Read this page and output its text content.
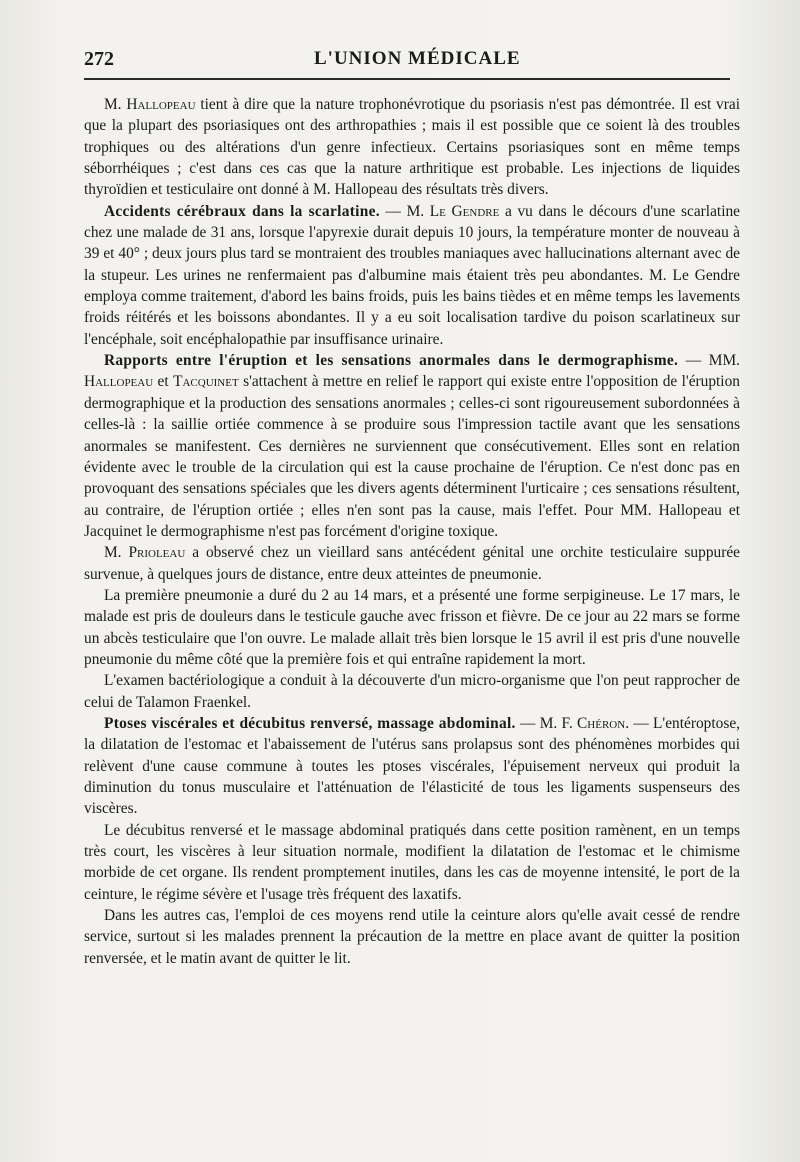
272	L'UNION MÉDICALE

M. Hallopeau tient à dire que la nature trophonévrotique du psoriasis n'est pas démontrée. Il est vrai que la plupart des psoriasiques ont des arthropathies ; mais il est possible que ce soient là des troubles trophiques ou des altérations d'un genre infectieux. Certains psoriasiques sont en même temps séborrhéiques ; c'est dans ces cas que la nature arthritique est probable. Les injections de liquides thyroïdien et testiculaire ont donné à M. Hallopeau des résultats très divers.

Accidents cérébraux dans la scarlatine. — M. Le Gendre a vu dans le décours d'une scarlatine chez une malade de 31 ans, lorsque l'apyrexie durait depuis 10 jours, la température monter de nouveau à 39 et 40° ; deux jours plus tard se montraient des troubles maniaques avec hallucinations alternant avec de la stupeur. Les urines ne renfermaient pas d'albumine mais étaient très peu abondantes. M. Le Gendre employa comme traitement, d'abord les bains froids, puis les bains tièdes et en même temps les lavements froids réitérés et les boissons abondantes. Il y a eu soit localisation tardive du poison scarlatineux sur l'encéphale, soit encéphalopathie par insuffisance urinaire.

Rapports entre l'éruption et les sensations anormales dans le dermographisme. — MM. Hallopeau et Tacquinet s'attachent à mettre en relief le rapport qui existe entre l'opposition de l'éruption dermographique et la production des sensations anormales ; celles-ci sont rigoureusement subordonnées à celles-là : la saillie ortiée commence à se produire sous l'impression tactile avant que les sensations anormales se manifestent. Ces dernières ne surviennent que consécutivement. Elles sont en relation évidente avec le trouble de la circulation qui est la cause prochaine de l'éruption. Ce n'est donc pas en provoquant des sensations spéciales que les divers agents déterminent l'urticaire ; ces sensations résultent, au contraire, de l'éruption ortiée ; elles n'en sont pas la cause, mais l'effet. Pour MM. Hallopeau et Jacquinet le dermographisme n'est pas forcément d'origine toxique.

M. Prioleau a observé chez un vieillard sans antécédent génital une orchite testiculaire suppurée survenue, à quelques jours de distance, entre deux atteintes de pneumonie.

La première pneumonie a duré du 2 au 14 mars, et a présenté une forme serpigineuse. Le 17 mars, le malade est pris de douleurs dans le testicule gauche avec frisson et fièvre. De ce jour au 22 mars se forme un abcès testiculaire que l'on ouvre. Le malade allait très bien lorsque le 15 avril il est pris d'une nouvelle pneumonie du même côté que la première fois et qui entraîne rapidement la mort.

L'examen bactériologique a conduit à la découverte d'un micro-organisme que l'on peut rapprocher de celui de Talamon Fraenkel.

Ptoses viscérales et décubitus renversé, massage abdominal. — M. F. Chéron. — L'entéroptose, la dilatation de l'estomac et l'abaissement de l'utérus sans prolapsus sont des phénomènes morbides qui relèvent d'une cause commune à toutes les ptoses viscérales, l'épuisement nerveux qui produit la diminution du tonus musculaire et l'atténuation de l'élasticité de tous les ligaments suspenseurs des viscères.

Le décubitus renversé et le massage abdominal pratiqués dans cette position ramènent, en un temps très court, les viscères à leur situation normale, modifient la dilatation de l'estomac et le chimisme morbide de cet organe. Ils rendent promptement inutiles, dans les cas de moyenne intensité, le port de la ceinture, le régime sévère et l'usage très fréquent des laxatifs.

Dans les autres cas, l'emploi de ces moyens rend utile la ceinture alors qu'elle avait cessé de rendre service, surtout si les malades prennent la précaution de la mettre en place avant de quitter la position renversée, et le matin avant de quitter le lit.
